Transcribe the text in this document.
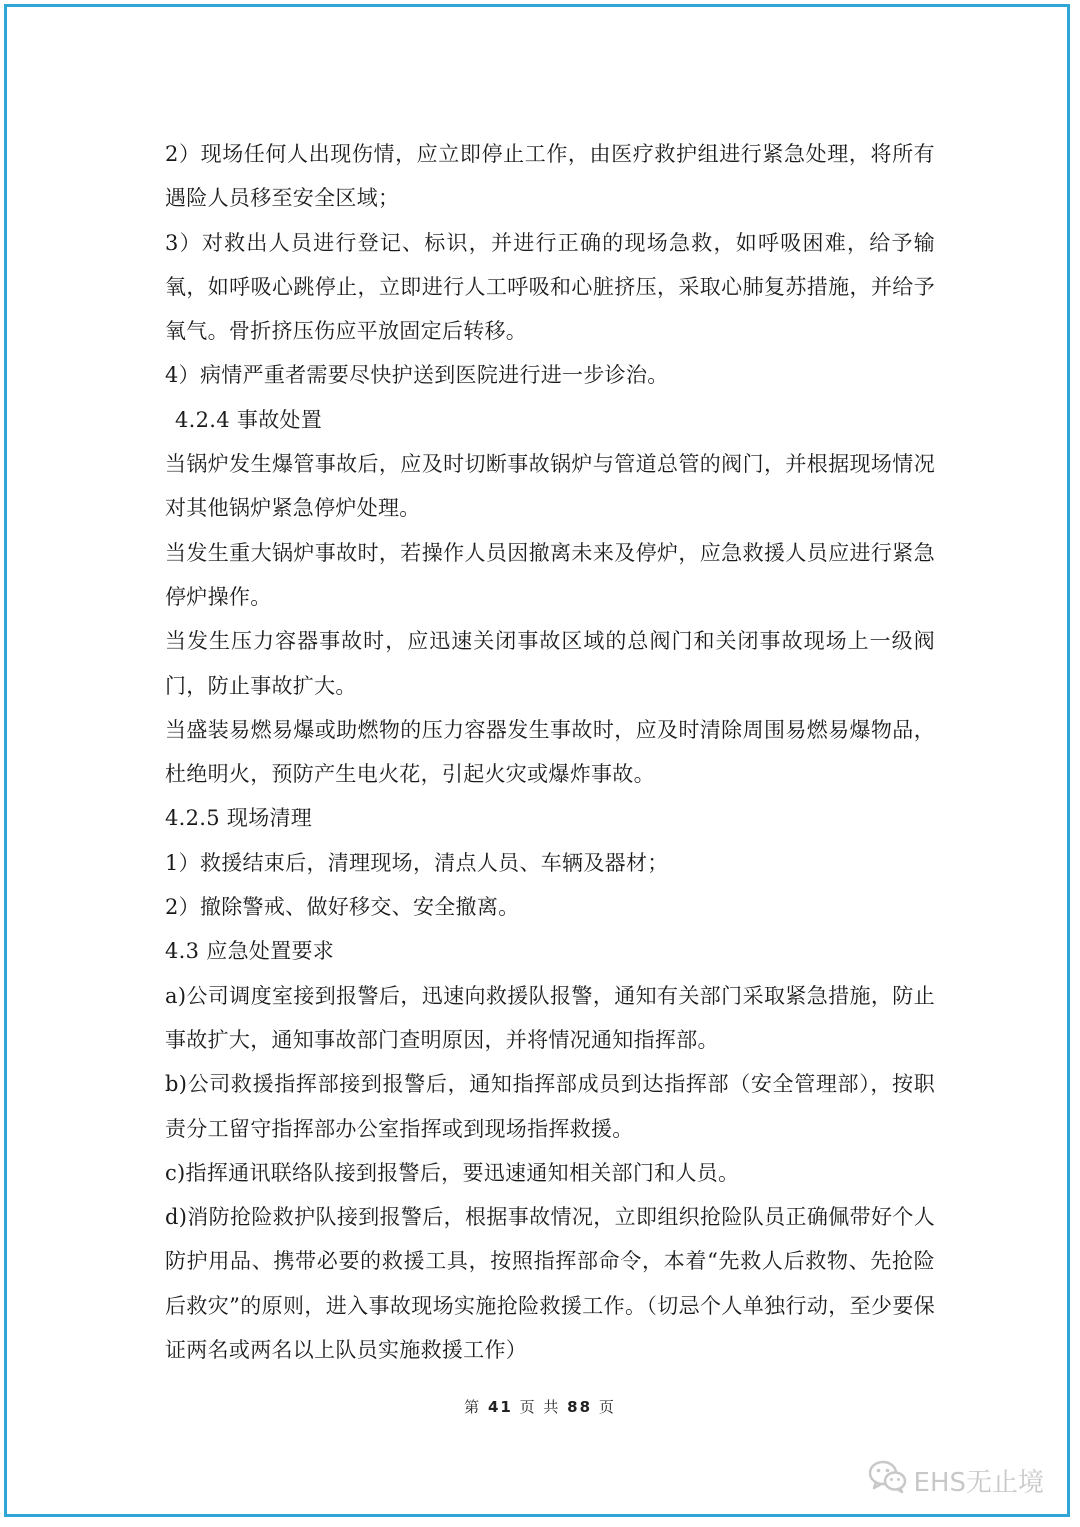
2）现场任何人出现伤情，应立即停止工作，由医疗救护组进行紧急处理，将所有遇险人员移至安全区域；

3）对救出人员进行登记、标识，并进行正确的现场急救，如呼吸困难，给予输氧，如呼吸心跳停止，立即进行人工呼吸和心脏挤压，采取心肺复苏措施，并给予氧气。骨折挤压伤应平放固定后转移。

4）病情严重者需要尽快护送到医院进行进一步诊治。

4.2.4 事故处置

当锅炉发生爆管事故后，应及时切断事故锅炉与管道总管的阀门，并根据现场情况对其他锅炉紧急停炉处理。

当发生重大锅炉事故时，若操作人员因撤离未来及停炉，应急救援人员应进行紧急停炉操作。

当发生压力容器事故时，应迅速关闭事故区域的总阀门和关闭事故现场上一级阀门，防止事故扩大。

当盛装易燃易爆或助燃物的压力容器发生事故时，应及时清除周围易燃易爆物品，杜绝明火，预防产生电火花，引起火灾或爆炸事故。

4.2.5 现场清理

1）救援结束后，清理现场，清点人员、车辆及器材；

2）撤除警戒、做好移交、安全撤离。

4.3 应急处置要求

a)公司调度室接到报警后，迅速向救援队报警，通知有关部门采取紧急措施，防止事故扩大，通知事故部门查明原因，并将情况通知指挥部。

b)公司救援指挥部接到报警后，通知指挥部成员到达指挥部（安全管理部），按职责分工留守指挥部办公室指挥或到现场指挥救援。

c)指挥通讯联络队接到报警后，要迅速通知相关部门和人员。

d)消防抢险救护队接到报警后，根据事故情况，立即组织抢险队员正确佩带好个人防护用品、携带必要的救援工具，按照指挥部命令，本着“先救人后救物、先抢险后救灾”的原则，进入事故现场实施抢险救援工作。（切忌个人单独行动，至少要保证两名或两名以上队员实施救援工作）

第 41 页 共 88 页
EHS无止境
